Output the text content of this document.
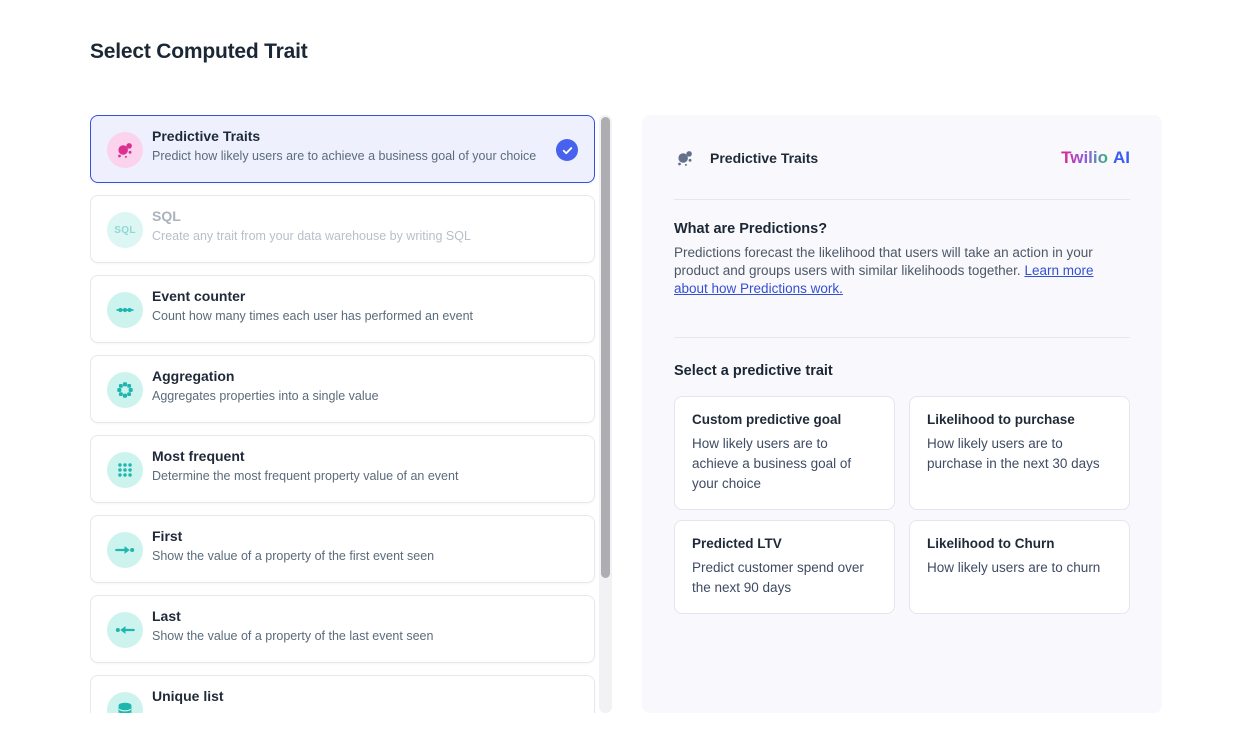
Select Computed Trait
Predictive Traits
Predict how likely users are to achieve a business goal of your choice
SQL
SQL
Create any trait from your data warehouse by writing SQL
Event counter
Count how many times each user has performed an event
Aggregation
Aggregates properties into a single value
Most frequent
Determine the most frequent property value of an event
First
Show the value of a property of the first event seen
Last
Show the value of a property of the last event seen
Unique list
Predictive Traits	Twilio AI
What are Predictions?
Predictions forecast the likelihood that users will take an action in your product and groups users with similar likelihoods together. Learn more about how Predictions work.
Select a predictive trait
Custom predictive goal
How likely users are to achieve a business goal of your choice
Likelihood to purchase
How likely users are to purchase in the next 30 days
Predicted LTV
Predict customer spend over the next 90 days
Likelihood to Churn
How likely users are to churn
